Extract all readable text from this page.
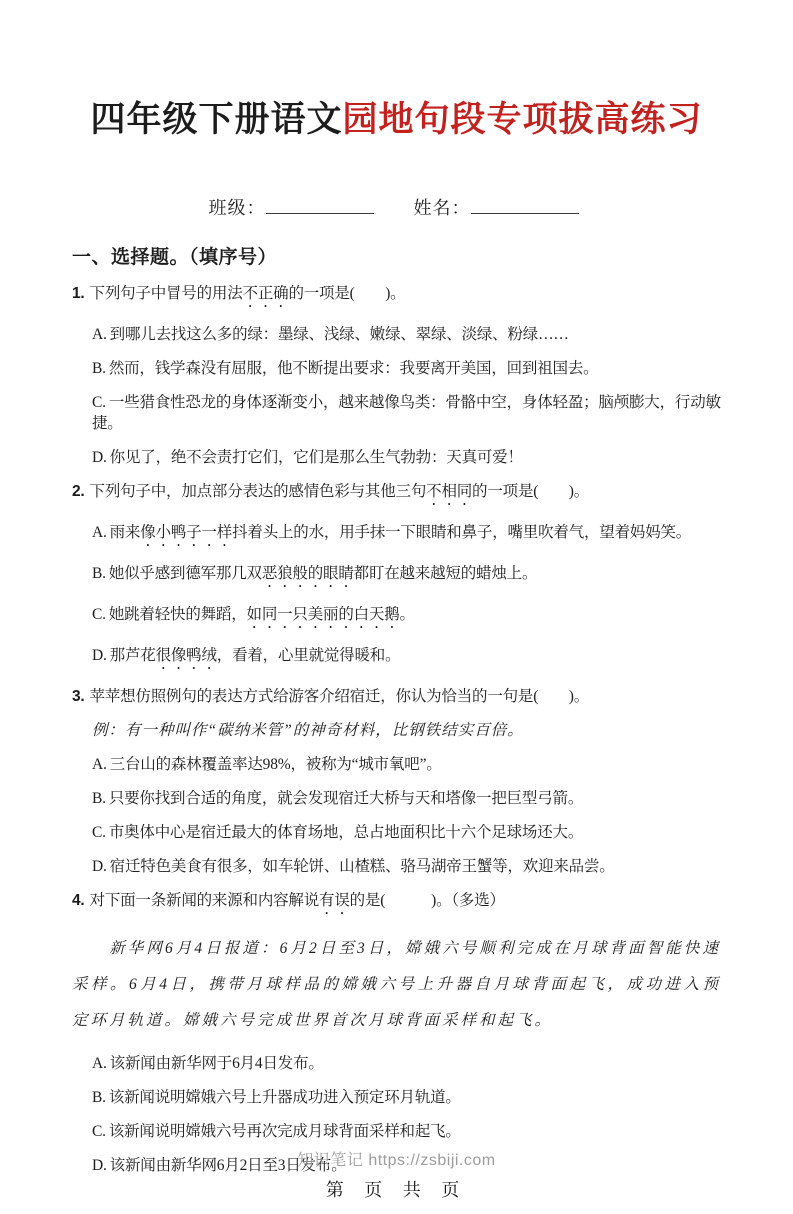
四年级下册语文园地句段专项拔高练习
班级：	姓名：
一、选择题。（填序号）
1. 下列句子中冒号的用法不正确的一项是(　　)。
A. 到哪儿去找这么多的绿：墨绿、浅绿、嫩绿、翠绿、淡绿、粉绿……
B. 然而，钱学森没有屈服，他不断提出要求：我要离开美国，回到祖国去。
C. 一些猎食性恐龙的身体逐渐变小，越来越像鸟类：骨骼中空，身体轻盈；脑颅膨大，行动敏捷。
D. 你见了，绝不会责打它们，它们是那么生气勃勃：天真可爱！
2. 下列句子中，加点部分表达的感情色彩与其他三句不相同的一项是(　　)。
A. 雨来像小鸭子一样抖着头上的水，用手抹一下眼睛和鼻子，嘴里吹着气，望着妈妈笑。
B. 她似乎感到德军那几双恶狼般的眼睛都盯在越来越短的蜡烛上。
C. 她跳着轻快的舞蹈，如同一只美丽的白天鹅。
D. 那芦花很像鸭绒，看着，心里就觉得暖和。
3. 苹苹想仿照例句的表达方式给游客介绍宿迁，你认为恰当的一句是(　　)。
例：有一种叫作“碳纳米管”的神奇材料，比钢铁结实百倍。
A. 三台山的森林覆盖率达98%，被称为“城市氧吧”。
B. 只要你找到合适的角度，就会发现宿迁大桥与天和塔像一把巨型弓箭。
C. 市奥体中心是宿迁最大的体育场地，总占地面积比十六个足球场还大。
D. 宿迁特色美食有很多，如车轮饼、山楂糕、骆马湖帝王蟹等，欢迎来品尝。
4. 对下面一条新闻的来源和内容解说有误的是(　　　)。（多选）
新华网6月4日报道：6月2日至3日，嫦娥六号顺利完成在月球背面智能快速采样。6月4日，携带月球样品的嫦娥六号上升器自月球背面起飞，成功进入预定环月轨道。嫦娥六号完成世界首次月球背面采样和起飞。
A. 该新闻由新华网于6月4日发布。
B. 该新闻说明嫦娥六号上升器成功进入预定环月轨道。
C. 该新闻说明嫦娥六号再次完成月球背面采样和起飞。
D. 该新闻由新华网6月2日至3日发布。
知识笔记 https://zsbiji.com
第 页 共 页
